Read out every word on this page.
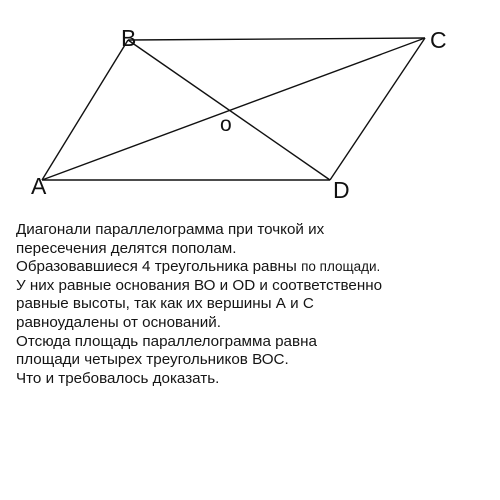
B	C
o
A	D
Диагонали параллелограмма при точкой их
пересечения делятся пополам.
Образовавшиеся 4 треугольника равны по площади.
У них равные основания ВО и OD и соответственно
равные высоты, так как их вершины А и С
равноудалены от оснований.
Отсюда площадь параллелограмма равна
площади четырех треугольников ВОС.
Что и требовалось доказать.
